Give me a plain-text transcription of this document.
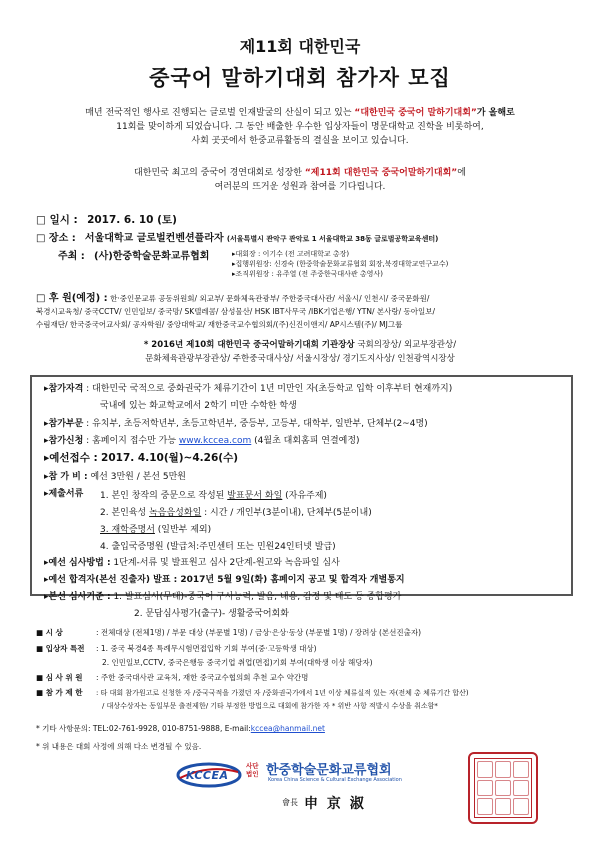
제11회 대한민국
중국어 말하기대회 참가자 모집
매년 전국적인 행사로 진행되는 글로벌 인재발굴의 산실이 되고 있는 “대한민국 중국어 말하기대회”가 올해로
11회를 맞이하게 되었습니다. 그 동안 배출한 우수한 입상자들이 명문대학교 진학을 비롯하여,
사회 곳곳에서 한중교류활동의 결실을 보이고 있습니다.
대한민국 최고의 중국어 경연대회로 성장한 “제11회 대한민국 중국어말하기대회”에
여러분의 뜨거운 성원과 참여를 기다립니다.
□ 일시 : 2017. 6. 10 (토)
□ 장소 : 서울대학교 글로벌컨벤션플라자 (서울특별시 관악구 관악로 1 서울대학교 38동 글로벌공학교육센터)
주최 : (사)한중학술문화교류협회	▸대회장 : 이기수 (전 고려대학교 총장)
▸집행위원장: 신경숙 (한중학술문화교류협회 회장,북경대학교연구교수)
▸조직위원장 : 유주열 (전 주중한국대사관 총영사)
□ 후 원(예정) : 한·중인문교류 공동위원회/ 외교부/ 문화체육관광부/ 주한중국대사관/ 서울시/ 인천시/ 중국문화원/
북경시교육청/ 중국CCTV/ 인민일보/ 중국망/ SK텔레콤/ 삼성물산/ HSK IBT사무국 /IBK기업은행/ YTN/ 본사랑/ 동아일보/
수림재단/ 한국중국어교사회/ 공자학원/ 중앙대학교/ 재한중국교수협의회/(주)신진이앤지/ AP시스템(주)/ MJ그룹
* 2016년 제10회 대한민국 중국어말하기대회 기관장상 국회의장상/ 외교부장관상/
문화체육관광부장관상/ 주한중국대사상/ 서울시장상/ 경기도지사상/ 인천광역시장상
▸참가자격 : 대한민국 국적으로 중화권국가 체류기간이 1년 미만인 자(초등학교 입학 이후부터 현재까지)
국내에 있는 화교학교에서 2학기 미만 수학한 학생
▸참가부문 : 유치부, 초등저학년부, 초등고학년부, 중등부, 고등부, 대학부, 일반부, 단체부(2~4명)
▸참가신청 : 홈페이지 접수만 가능 www.kccea.com (4월초 대회홈피 연결예정)
▸예선접수 : 2017. 4.10(월)~4.26(수)
▸참 가 비 : 예선 3만원 / 본선 5만원
▸제출서류 1. 본인 창작의 중문으로 작성된 발표문서 화일 (자유주제)
2. 본인육성 녹음음성화일 : 시간 / 개인부(3분이내), 단체부(5분이내)
3. 재학증명서 (일반부 제외)
4. 출입국증명원 (발급처:주민센터 또는 민원24인터넷 발급)
▸예선 심사방법 : 1단계-서류 및 발표원고 심사 2단계-원고와 녹음파일 심사
▸예선 합격자(본선 진출자) 발표 : 2017년 5월 9일(화) 홈페이지 공고 및 합격자 개별통지
▸본선 심사기준 : 1. 발표심사(무대)-중국어 구사능력, 발음, 내용, 감정 및 태도 등 종합평가
2. 문답심사평가(출구)- 생활중국어회화
■ 시 상	: 전체대상 (전체1명) / 부문 대상 (부문별 1명) / 금상·은상·동상 (부문별 1명) / 장려상 (본선진출자)
■ 입상자 특전 : 1. 중국 북경4종 특례무시험면접입학 기회 부여(중·고등학생 대상)
2. 인민일보,CCTV, 중국은행등 중국기업 취업(면접)기회 부여(대학생 이상 해당자)
■ 심 사 위 원 : 주한 중국대사관 교육처, 재한 중국교수협의회 추천 교수 약간명
■ 참 가 제 한 : 타 대회 참가원고로 신청한 자 /중국국적을 가졌던 자 /중화권국가에서 1년 이상 체류실적 있는 자(전체 총 체류기간 합산)
/ 대상수상자는 동일부문 출전제한/ 기타 부정한 방법으로 대회에 참가한 자 * 위반 사항 적발시 수상을 취소함*
* 기타 사항문의: TEL:02-761-9928, 010-8751-9888, E-mail:kccea@hanmail.net
* 위 내용은 대회 사정에 의해 다소 변경될 수 있음.
KCCEA
사단
법인 한중학술문화교류협회
Korea China Science & Cultural Exchange Association
會長 申 京 淑
